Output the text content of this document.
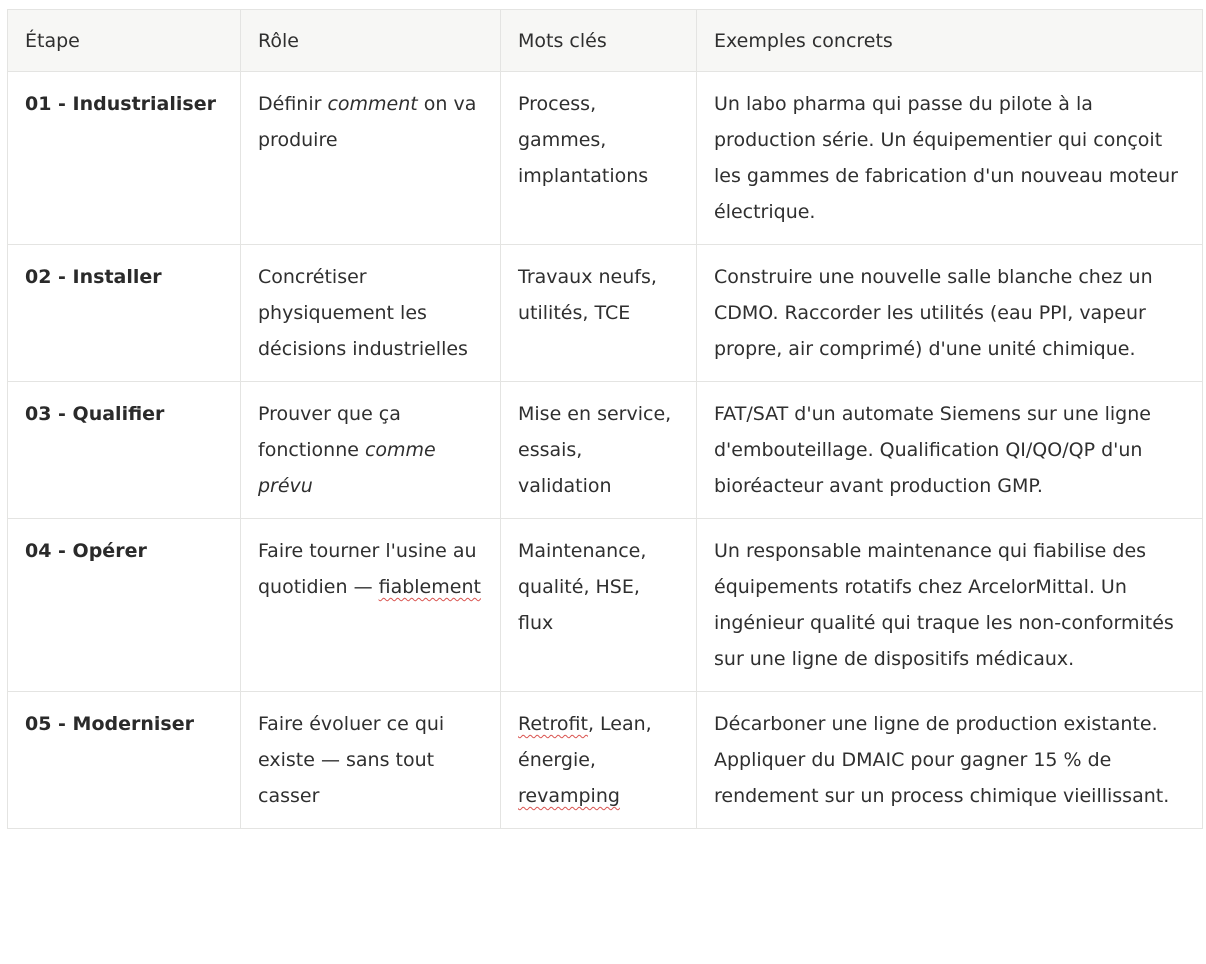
Étape	Rôle	Mots clés	Exemples concrets
01 - Industrialiser	Définir comment on va produire	Process, gammes, implantations	Un labo pharma qui passe du pilote à la production série. Un équipementier qui conçoit les gammes de fabrication d'un nouveau moteur électrique.
02 - Installer	Concrétiser physiquement les décisions industrielles	Travaux neufs, utilités, TCE	Construire une nouvelle salle blanche chez un CDMO. Raccorder les utilités (eau PPI, vapeur propre, air comprimé) d'une unité chimique.
03 - Qualifier	Prouver que ça fonctionne comme prévu	Mise en service, essais, validation	FAT/SAT d'un automate Siemens sur une ligne d'embouteillage. Qualification QI/QO/QP d'un bioréacteur avant production GMP.
04 - Opérer	Faire tourner l'usine au quotidien — fiablement	Maintenance, qualité, HSE, flux	Un responsable maintenance qui fiabilise des équipements rotatifs chez ArcelorMittal. Un ingénieur qualité qui traque les non-conformités sur une ligne de dispositifs médicaux.
05 - Moderniser	Faire évoluer ce qui existe — sans tout casser	Retrofit, Lean, énergie, revamping	Décarboner une ligne de production existante. Appliquer du DMAIC pour gagner 15 % de rendement sur un process chimique vieillissant.
